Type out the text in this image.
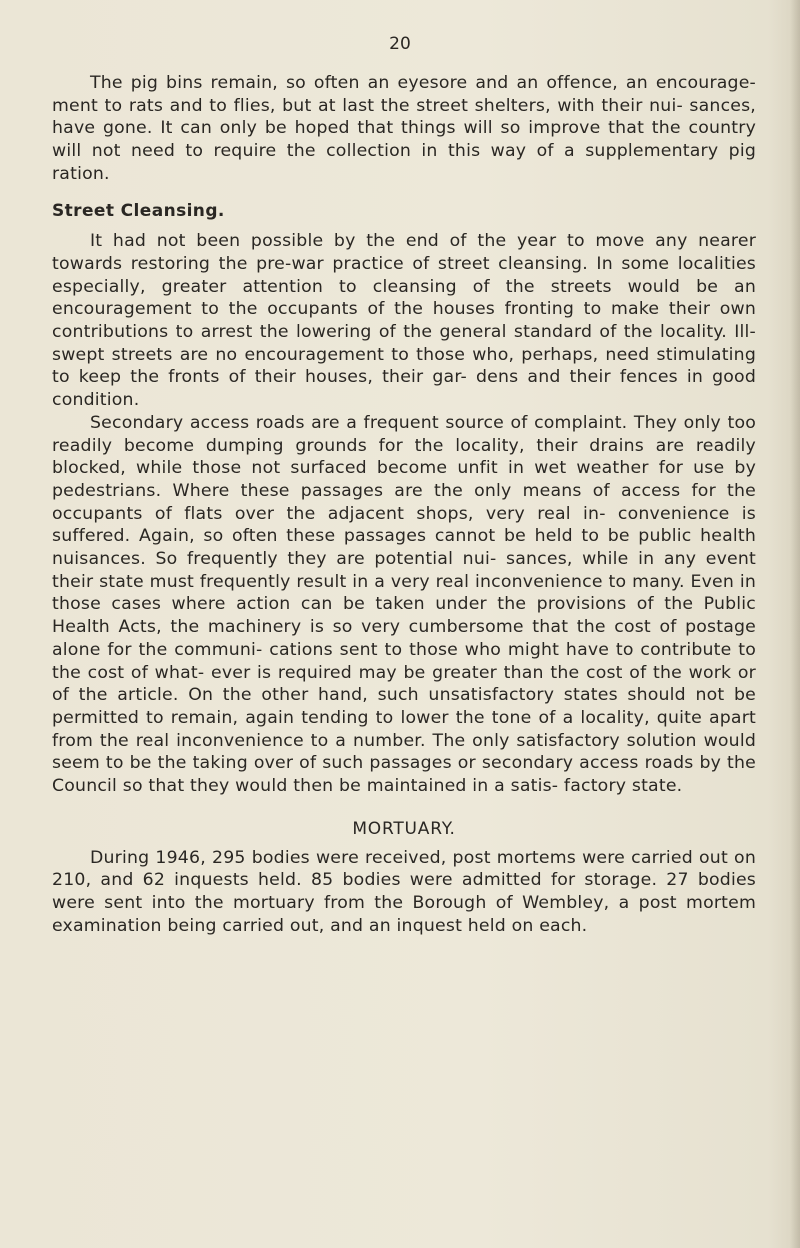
20

The pig bins remain, so often an eyesore and an offence, an encourage- ment to rats and to flies, but at last the street shelters, with their nui- sances, have gone. It can only be hoped that things will so improve that the country will not need to require the collection in this way of a supplementary pig ration.

Street Cleansing.

It had not been possible by the end of the year to move any nearer towards restoring the pre-war practice of street cleansing. In some localities especially, greater attention to cleansing of the streets would be an encouragement to the occupants of the houses fronting to make their own contributions to arrest the lowering of the general standard of the locality. Ill-swept streets are no encouragement to those who, perhaps, need stimulating to keep the fronts of their houses, their gar- dens and their fences in good condition.

Secondary access roads are a frequent source of complaint. They only too readily become dumping grounds for the locality, their drains are readily blocked, while those not surfaced become unfit in wet weather for use by pedestrians. Where these passages are the only means of access for the occupants of flats over the adjacent shops, very real in- convenience is suffered. Again, so often these passages cannot be held to be public health nuisances. So frequently they are potential nui- sances, while in any event their state must frequently result in a very real inconvenience to many. Even in those cases where action can be taken under the provisions of the Public Health Acts, the machinery is so very cumbersome that the cost of postage alone for the communi- cations sent to those who might have to contribute to the cost of what- ever is required may be greater than the cost of the work or of the article. On the other hand, such unsatisfactory states should not be permitted to remain, again tending to lower the tone of a locality, quite apart from the real inconvenience to a number. The only satisfactory solution would seem to be the taking over of such passages or secondary access roads by the Council so that they would then be maintained in a satis- factory state.

MORTUARY.

During 1946, 295 bodies were received, post mortems were carried out on 210, and 62 inquests held. 85 bodies were admitted for storage. 27 bodies were sent into the mortuary from the Borough of Wembley, a post mortem examination being carried out, and an inquest held on each.
